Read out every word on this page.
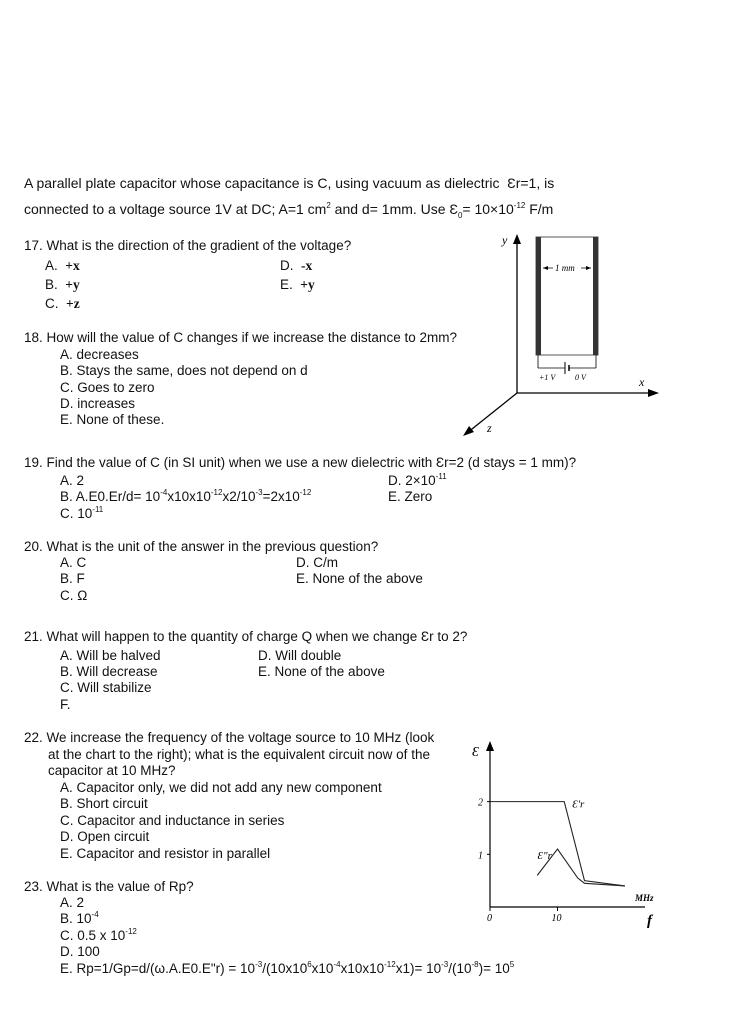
A parallel plate capacitor whose capacitance is C, using vacuum as dielectric Ɛr=1, is
connected to a voltage source 1V at DC; A=1 $cm^2$ and d= 1mm. Use $Ɛ_0= 10\times 10^{-12}$ F/m
17. What is the direction of the gradient of the voltage?
A. +x
B. +y
C. +z
D. -x
E. +y
18. How will the value of C changes if we increase the distance to 2mm?
A. decreases
B. Stays the same, does not depend on d
C. Goes to zero
D. increases
E. None of these.
y
x
z
1 mm
+1 V 0 V
19. Find the value of C (in SI unit) when we use a new dielectric with Ɛr=2 (d stays = 1 mm)?
A. 2
B. $A.E0.Er/d= 10^{-4}x10x10^{-12}x2/10^{-3}=2x10^{-12}$
C. $10^{-11}$
D. $2\times 10^{-11}$
E. Zero
20. What is the unit of the answer in the previous question?
A. C
B. F
C. Ω
D. C/m
E. None of the above
21. What will happen to the quantity of charge Q when we change Ɛr to 2?
A. Will be halved
B. Will decrease
C. Will stabilize
F.
D. Will double
E. None of the above
22. We increase the frequency of the voltage source to 10 MHz (look
at the chart to the right); what is the equivalent circuit now of the
capacitor at 10 MHz?
A. Capacitor only, we did not add any new component
B. Short circuit
C. Capacitor and inductance in series
D. Open circuit
E. Capacitor and resistor in parallel
23. What is the value of Rp?
A. 2
B. $10^{-4}$
C. 0.5 x $10^{-12}$
D. 100
E. Rp=1/Gp=d/(ω.A.E0.E"r) = $10^{-3}/(10x10^6x10^{-4}x10x10^{-12}x1)= 10^{-3}/(10^{-8})= 10^5$
Ɛ
f
MHz
0
Ɛ'r
Ɛ"r
10
1
2
